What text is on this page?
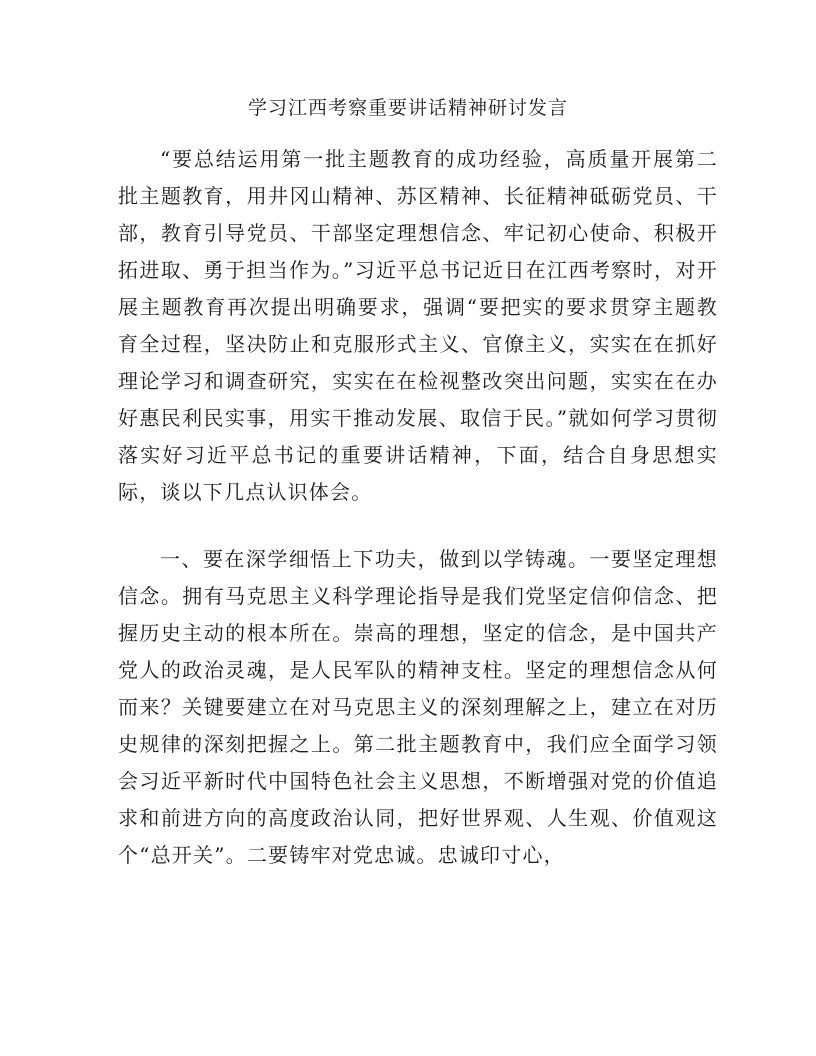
学习江西考察重要讲话精神研讨发言

“要总结运用第一批主题教育的成功经验，高质量开展第二批主题教育，用井冈山精神、苏区精神、长征精神砥砺党员、干部，教育引导党员、干部坚定理想信念、牢记初心使命、积极开拓进取、勇于担当作为。”习近平总书记近日在江西考察时，对开展主题教育再次提出明确要求，强调“要把实的要求贯穿主题教育全过程，坚决防止和克服形式主义、官僚主义，实实在在抓好理论学习和调查研究，实实在在检视整改突出问题，实实在在办好惠民利民实事，用实干推动发展、取信于民。”就如何学习贯彻落实好习近平总书记的重要讲话精神，下面，结合自身思想实际，谈以下几点认识体会。

一、要在深学细悟上下功夫，做到以学铸魂。一要坚定理想信念。拥有马克思主义科学理论指导是我们党坚定信仰信念、把握历史主动的根本所在。崇高的理想，坚定的信念，是中国共产党人的政治灵魂，是人民军队的精神支柱。坚定的理想信念从何而来？关键要建立在对马克思主义的深刻理解之上，建立在对历史规律的深刻把握之上。第二批主题教育中，我们应全面学习领会习近平新时代中国特色社会主义思想，不断增强对党的价值追求和前进方向的高度政治认同，把好世界观、人生观、价值观这个“总开关”。二要铸牢对党忠诚。忠诚印寸心，
